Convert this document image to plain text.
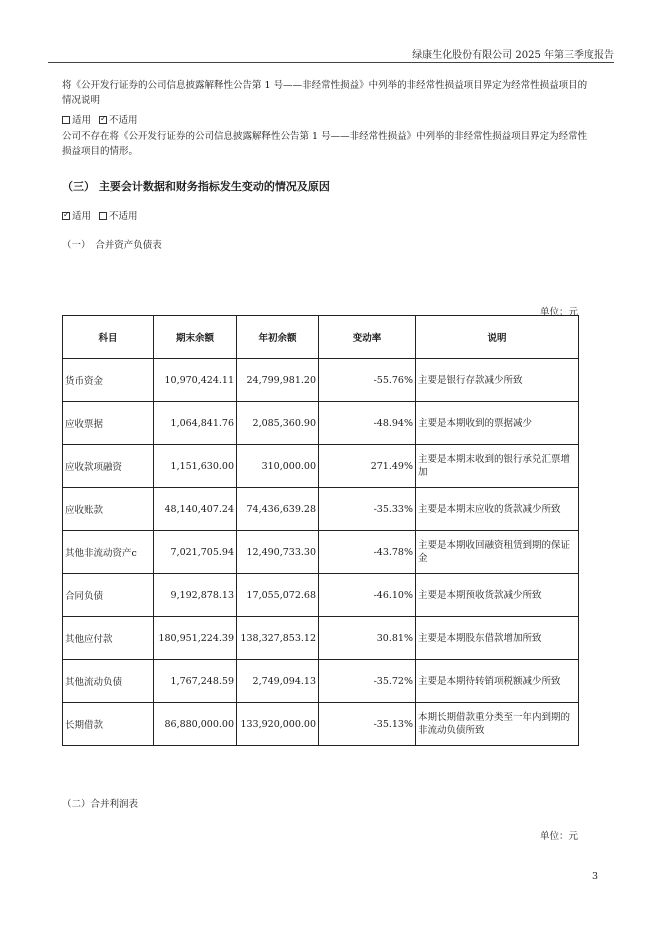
绿康生化股份有限公司 2025 年第三季度报告
将《公开发行证券的公司信息披露解释性公告第 1 号——非经常性损益》中列举的非经常性损益项目界定为经常性损益项目的情况说明
适用 ✓ 不适用
公司不存在将《公开发行证券的公司信息披露解释性公告第 1 号——非经常性损益》中列举的非经常性损益项目界定为经常性损益项目的情形。
（三） 主要会计数据和财务指标发生变动的情况及原因
✓适用 不适用
（一）　合并资产负债表
单位：元
科目	期末余额	年初余额	变动率	说明
货币资金	10,970,424.11	24,799,981.20	-55.76%	主要是银行存款减少所致
应收票据	1,064,841.76	2,085,360.90	-48.94%	主要是本期收到的票据减少
应收款项融资	1,151,630.00	310,000.00	271.49%	主要是本期末收到的银行承兑汇票增加
应收账款	48,140,407.24	74,436,639.28	-35.33%	主要是本期末应收的货款减少所致
其他非流动资产c	7,021,705.94	12,490,733.30	-43.78%	主要是本期收回融资租赁到期的保证金
合同负债	9,192,878.13	17,055,072.68	-46.10%	主要是本期预收货款减少所致
其他应付款	180,951,224.39	138,327,853.12	30.81%	主要是本期股东借款增加所致
其他流动负债	1,767,248.59	2,749,094.13	-35.72%	主要是本期待转销项税额减少所致
长期借款	86,880,000.00	133,920,000.00	-35.13%	本期长期借款重分类至一年内到期的非流动负债所致
（二）合并利润表
单位：元
3
